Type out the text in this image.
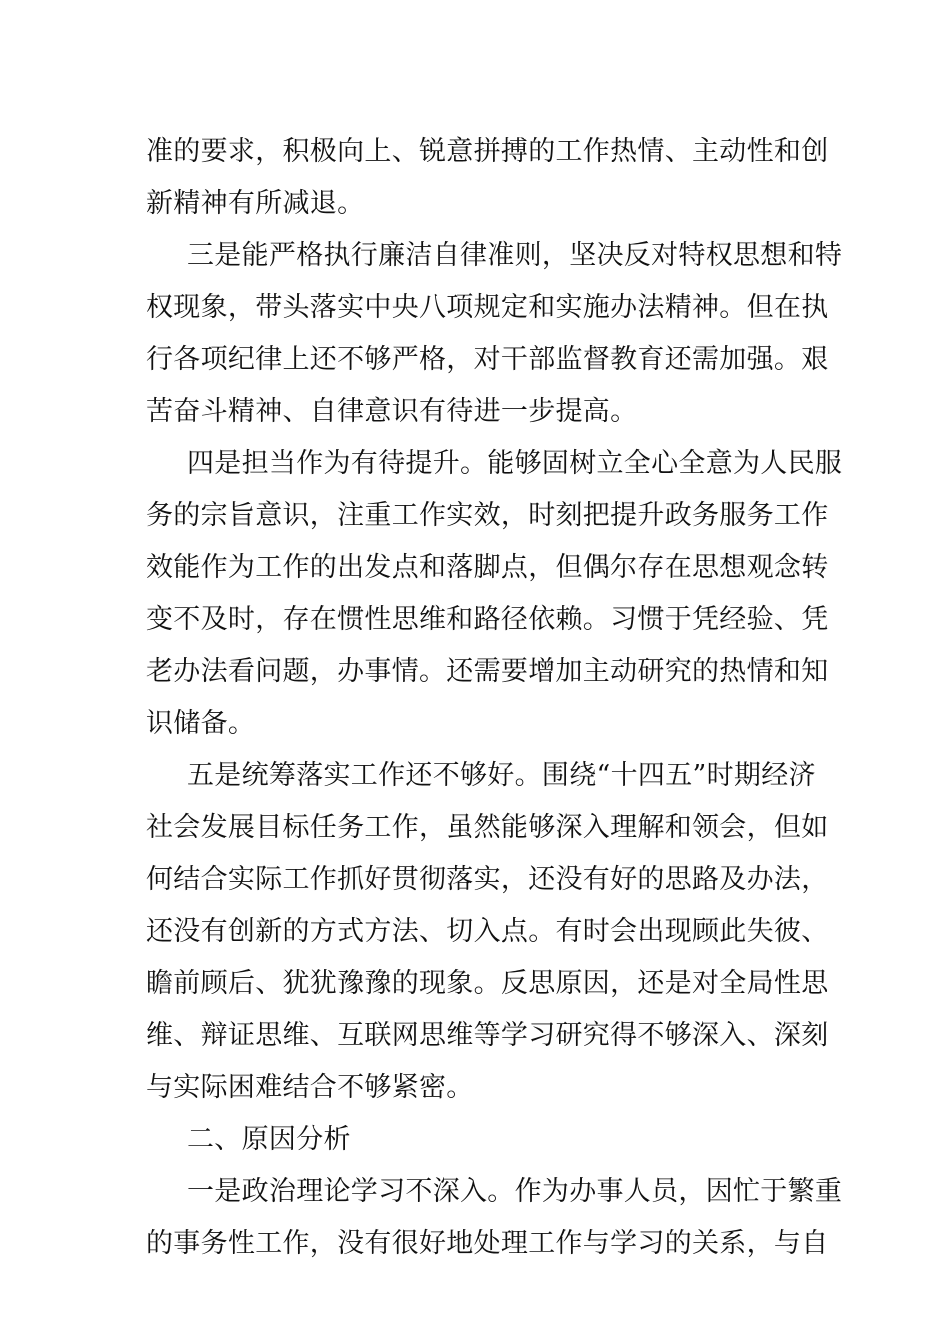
准的要求，积极向上、锐意拼搏的工作热情、主动性和创
新精神有所减退。
三是能严格执行廉洁自律准则，坚决反对特权思想和特
权现象，带头落实中央八项规定和实施办法精神。但在执
行各项纪律上还不够严格，对干部监督教育还需加强。艰
苦奋斗精神、自律意识有待进一步提高。
四是担当作为有待提升。能够固树立全心全意为人民服
务的宗旨意识，注重工作实效，时刻把提升政务服务工作
效能作为工作的出发点和落脚点，但偶尔存在思想观念转
变不及时，存在惯性思维和路径依赖。习惯于凭经验、凭
老办法看问题，办事情。还需要增加主动研究的热情和知
识储备。
五是统筹落实工作还不够好。围绕“十四五”时期经济
社会发展目标任务工作，虽然能够深入理解和领会，但如
何结合实际工作抓好贯彻落实，还没有好的思路及办法，
还没有创新的方式方法、切入点。有时会出现顾此失彼、
瞻前顾后、犹犹豫豫的现象。反思原因，还是对全局性思
维、辩证思维、互联网思维等学习研究得不够深入、深刻
与实际困难结合不够紧密。
二、原因分析
一是政治理论学习不深入。作为办事人员，因忙于繁重
的事务性工作，没有很好地处理工作与学习的关系，与自
